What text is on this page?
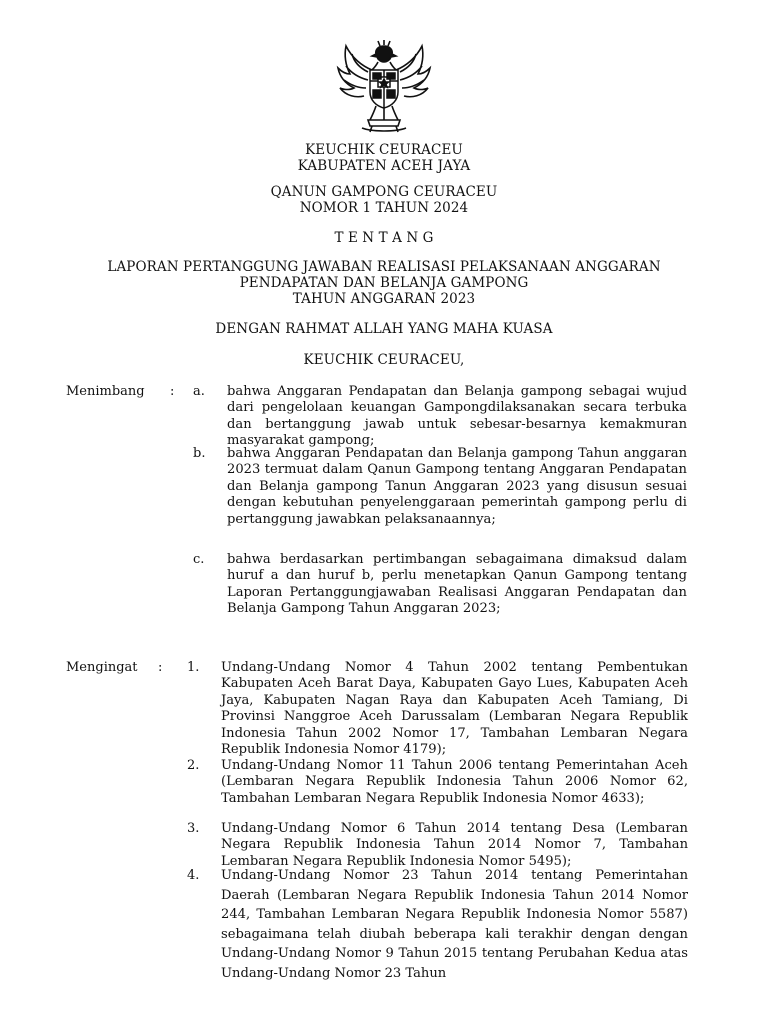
KEUCHIK CEURACEU
KABUPATEN ACEH JAYA
QANUN GAMPONG CEURACEU
NOMOR 1 TAHUN 2024
T E N T A N G
LAPORAN PERTANGGUNG JAWABAN REALISASI PELAKSANAAN ANGGARAN
PENDAPATAN DAN BELANJA GAMPONG
TAHUN ANGGARAN 2023
DENGAN RAHMAT ALLAH YANG MAHA KUASA
KEUCHIK CEURACEU,
Menimbang : a. bahwa Anggaran Pendapatan dan Belanja gampong sebagai wujud dari pengelolaan keuangan Gampongdilaksanakan secara terbuka dan bertanggung jawab untuk sebesar-besarnya kemakmuran masyarakat gampong;
b. bahwa Anggaran Pendapatan dan Belanja gampong Tahun anggaran 2023 termuat dalam Qanun Gampong tentang Anggaran Pendapatan dan Belanja gampong Tanun Anggaran 2023 yang disusun sesuai dengan kebutuhan penyelenggaraan pemerintah gampong perlu di pertanggung jawabkan pelaksanaannya;
c. bahwa berdasarkan pertimbangan sebagaimana dimaksud dalam huruf a dan huruf b, perlu menetapkan Qanun Gampong tentang Laporan Pertanggungjawaban Realisasi Anggaran Pendapatan dan Belanja Gampong Tahun Anggaran 2023;
Mengingat : 1. Undang-Undang Nomor 4 Tahun 2002 tentang Pembentukan Kabupaten Aceh Barat Daya, Kabupaten Gayo Lues, Kabupaten Aceh Jaya, Kabupaten Nagan Raya dan Kabupaten Aceh Tamiang, Di Provinsi Nanggroe Aceh Darussalam (Lembaran Negara Republik Indonesia Tahun 2002 Nomor 17, Tambahan Lembaran Negara Republik Indonesia Nomor 4179);
2. Undang-Undang Nomor 11 Tahun 2006 tentang Pemerintahan Aceh (Lembaran Negara Republik Indonesia Tahun 2006 Nomor 62, Tambahan Lembaran Negara Republik Indonesia Nomor 4633);
3. Undang-Undang Nomor 6 Tahun 2014 tentang Desa (Lembaran Negara Republik Indonesia Tahun 2014 Nomor 7, Tambahan Lembaran Negara Republik Indonesia Nomor 5495);
4. Undang-Undang Nomor 23 Tahun 2014 tentang Pemerintahan Daerah (Lembaran Negara Republik Indonesia Tahun 2014 Nomor 244, Tambahan Lembaran Negara Republik Indonesia Nomor 5587) sebagaimana telah diubah beberapa kali terakhir dengan dengan Undang-Undang Nomor 9 Tahun 2015 tentang Perubahan Kedua atas Undang-Undang Nomor 23 Tahun
